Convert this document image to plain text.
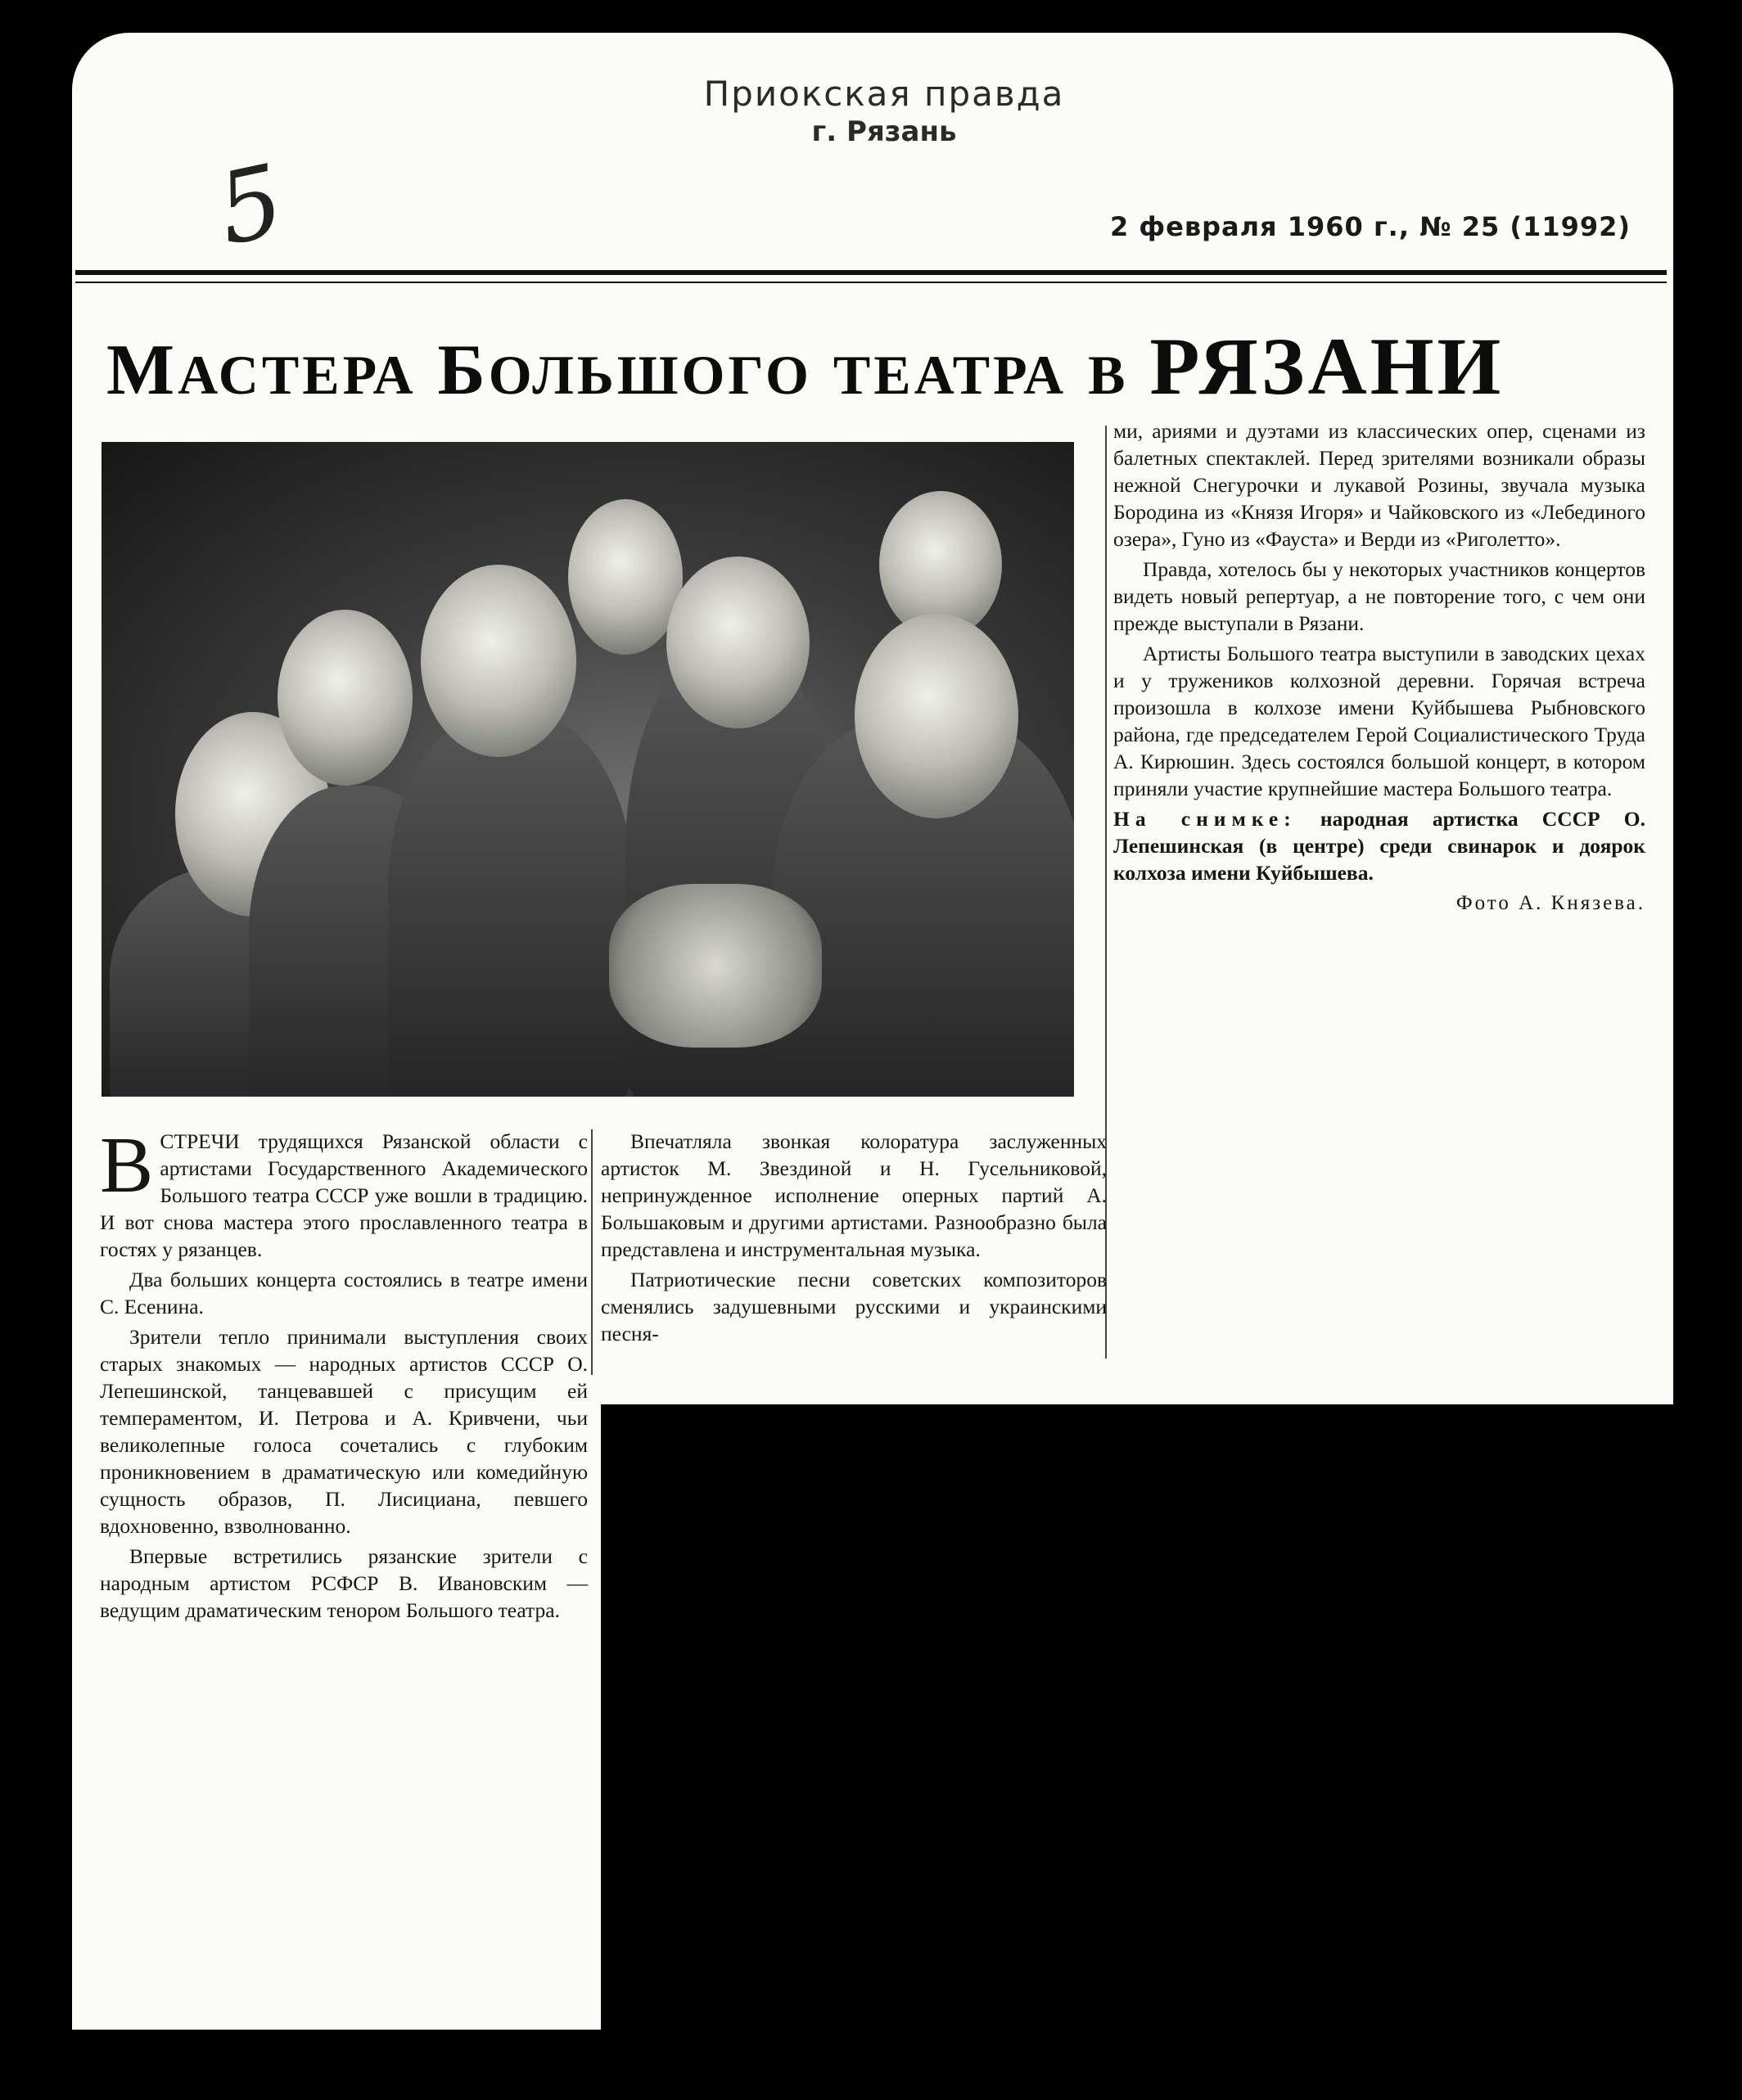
Приокская правда
г. Рязань
5	2 февраля 1960 г., № 25 (11992)
МАСТЕРА БОЛЬШОГО ТЕАТРА В РЯЗАНИ

ВСТРЕЧИ трудящихся Рязанской области с артистами Государственного Академического Большого театра СССР уже вошли в традицию. И вот снова мастера этого прославленного театра в гостях у рязанцев.

Два больших концерта состоялись в театре имени С. Есенина.

Зрители тепло принимали выступления своих старых знакомых — народных артистов СССР О. Лепешинской, танцевавшей с присущим ей темпераментом, И. Петрова и А. Кривчени, чьи великолепные голоса сочетались с глубоким проникновением в драматическую или комедийную сущность образов, П. Лисициана, певшего вдохновенно, взволнованно.

Впервые встретились рязанские зрители с народным артистом РСФСР В. Ивановским — ведущим драматическим тенором Большого театра.

Впечатляла звонкая колоратура заслуженных артисток М. Звездиной и Н. Гусельниковой, непринужденное исполнение оперных партий А. Большаковым и другими артистами. Разнообразно была представлена и инструментальная музыка.

Патриотические песни советских композиторов сменялись задушевными русскими и украинскими песня-

ми, ариями и дуэтами из классических опер, сценами из балетных спектаклей. Перед зрителями возникали образы нежной Снегурочки и лукавой Розины, звучала музыка Бородина из «Князя Игоря» и Чайковского из «Лебединого озера», Гуно из «Фауста» и Верди из «Риголетто».

Правда, хотелось бы у некоторых участников концертов видеть новый репертуар, а не повторение того, с чем они прежде выступали в Рязани.

Артисты Большого театра выступили в заводских цехах и у тружеников колхозной деревни. Горячая встреча произошла в колхозе имени Куйбышева Рыбновского района, где председателем Герой Социалистического Труда А. Кирюшин. Здесь состоялся большой концерт, в котором приняли участие крупнейшие мастера Большого театра.

На снимке: народная артистка СССР О. Лепешинская (в центре) среди свинарок и доярок колхоза имени Куйбышева.

Фото А. Князева.
